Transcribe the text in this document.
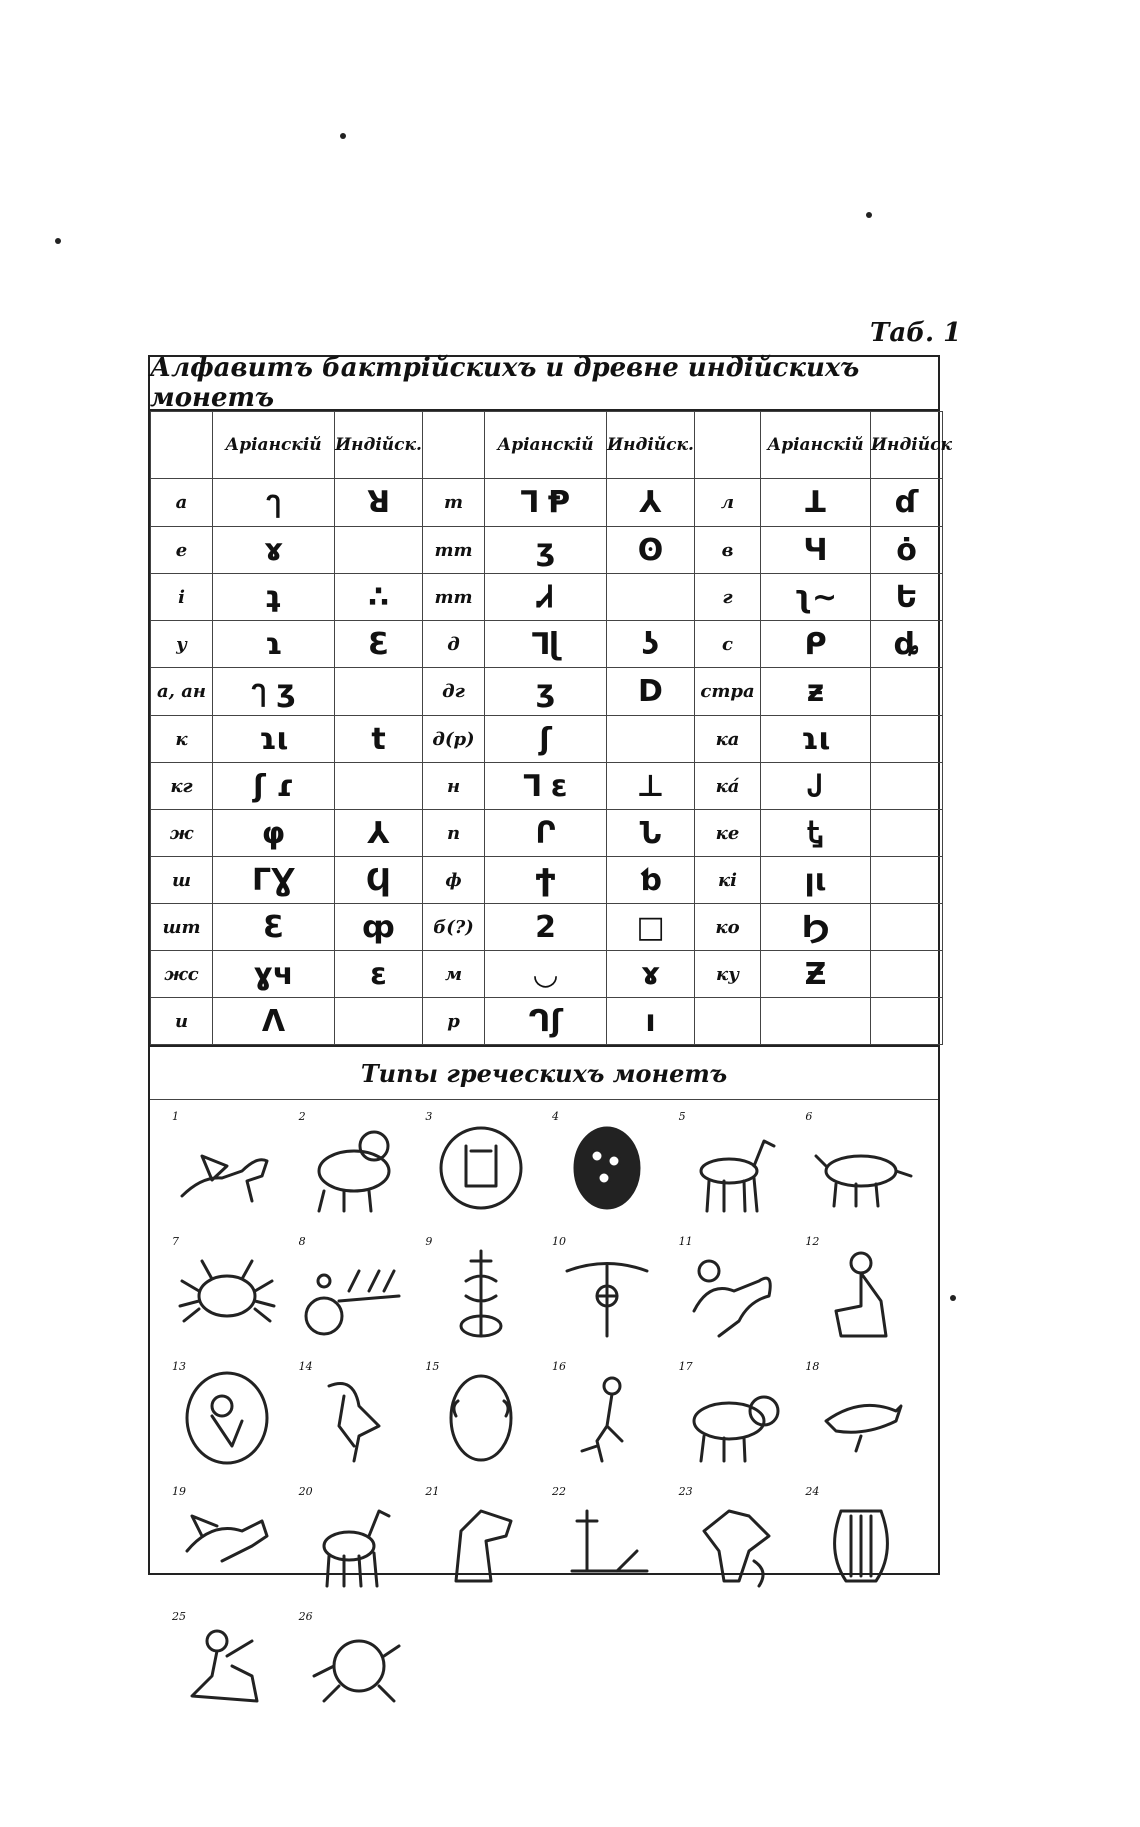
Таб. 1
Алфавитъ бактрійскихъ и древне индійскихъ монетъ
	Аріанскій	Индійск.		Аріанскій	Индійск.		Аріанскій	Индійск
а	ๅ	ꓤ	т	ꓶ Ᵽ	⅄	л	ꓕ	ɗ
е	ɤ		тт	ʒ	ʘ	в	Ч	ȯ
і	ʇ	∴	тт	Ꮧ		г	ʅ∼	Ե
у	ɿ	Ɛ	д	ꓶɭ	ʖ	с	ᑭ	ȡ
а, ан	ๅ ʒ		дг	ʒ	D	стра	ƶ	
к	ɿι	t	д(р)	ʃ		ка	ɿι	
кг	ʃ ɾ		н	ꓶ ɛ	⊥	ка́	Ꭻ	
ж	φ	⅄	п	Ր	Ն	ке	Ꮏ	
ш	ΓƔ	Ϥ	ф	Ϯ	ƅ	кі	ꞁι	
шт	Ɛ	ȹ	б(?)	2	□	ко	Ϧ	
жс	ɣч	ɛ	м	◡	ɤ	ку	Ƶ	
и	Λ		р	ᒉʃ	ı			
Типы греческихъ монетъ
1	2	3	4	5	6
7	8	9	10	11	12
13	14	15	16	17	18
19	20	21	22	23	24
25	26
